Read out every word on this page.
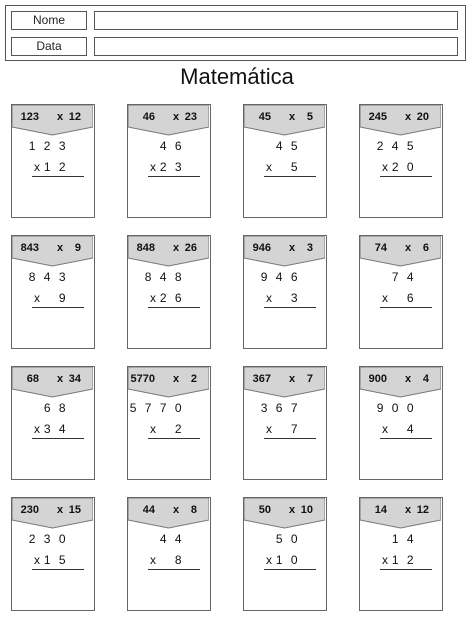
Nome
Data
Matemática
123 x 12
1 2 3
x 1 2
46 x 23
4 6
x 2 3
45 x 5
4 5
x 5
245 x 20
2 4 5
x 2 0
843 x 9
8 4 3
x 9
848 x 26
8 4 8
x 2 6
946 x 3
9 4 6
x 3
74 x 6
7 4
x 6
68 x 34
6 8
x 3 4
5770 x 2
5 7 7 0
x 2
367 x 7
3 6 7
x 7
900 x 4
9 0 0
x 4
230 x 15
2 3 0
x 1 5
44 x 8
4 4
x 8
50 x 10
5 0
x 1 0
14 x 12
1 4
x 1 2
